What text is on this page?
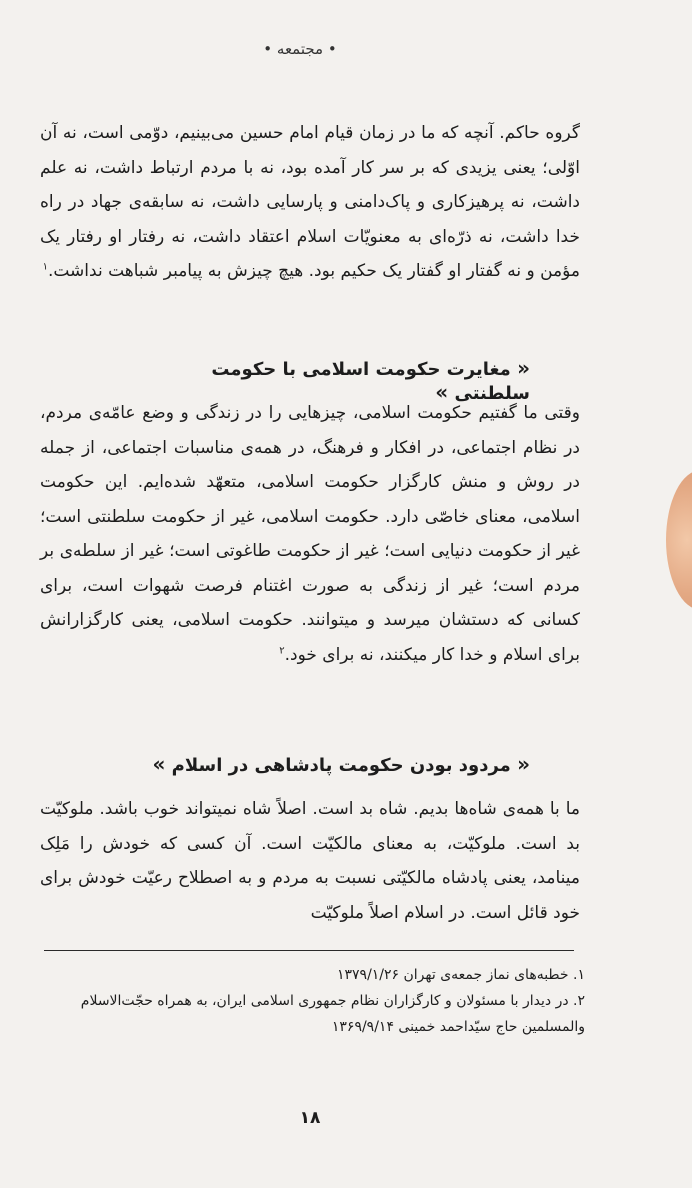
• مجتمعه •

گروه حاکم. آنچه که ما در زمان قیام امام حسین می‌بینیم، دوّمی است، نه آن اوّلی؛ یعنی یزیدی که بر سر کار آمده بود، نه با مردم ارتباط داشت، نه علم داشت، نه پرهیزکاری و پاک‌دامنی و پارسایی داشت، نه سابقه‌ی جهاد در راه خدا داشت، نه ذرّه‌ای به معنویّات اسلام اعتقاد داشت، نه رفتار او رفتار یک مؤمن و نه گفتار او گفتار یک حکیم بود. هیچ چیزش به پیامبر شباهت نداشت.$^۱$

« مغایرت حکومت اسلامی با حکومت سلطنتی »

وقتی ما گفتیم حکومت اسلامی، چیزهایی را در زندگی و وضع عامّه‌ی مردم، در نظام اجتماعی، در افکار و فرهنگ، در همه‌ی مناسبات اجتماعی، از جمله در روش و منش کارگزار حکومت اسلامی، متعهّد شده‌ایم. این حکومت اسلامی، معنای خاصّی دارد. حکومت اسلامی، غیر از حکومت سلطنتی است؛ غیر از حکومت دنیایی است؛ غیر از حکومت طاغوتی است؛ غیر از سلطه‌ی بر مردم است؛ غیر از زندگی به صورت اغتنام فرصت شهوات است، برای کسانی که دستشان میرسد و میتوانند. حکومت اسلامی، یعنی کارگزارانش برای اسلام و خدا کار میکنند، نه برای خود.$^۲$

« مردود بودن حکومت پادشاهی در اسلام »

ما با همه‌ی شاه‌ها بدیم. شاه بد است. اصلاً شاه نمیتواند خوب باشد. ملوکیّت بد است. ملوکیّت، به معنای مالکیّت است. آن کسی که خودش را مَلِک مینامد، یعنی پادشاه مالکیّتی نسبت به مردم و به اصطلاح رعیّت خودش برای خود قائل است. در اسلام اصلاً ملوکیّت

۱. خطبه‌های نماز جمعه‌ی تهران ۱۳۷۹/۱/۲۶
۲. در دیدار با مسئولان و کارگزاران نظام جمهوری اسلامی ایران، به همراه حجّت‌الاسلام والمسلمین حاج سیّداحمد خمینی ۱۳۶۹/۹/۱۴
۱۸
